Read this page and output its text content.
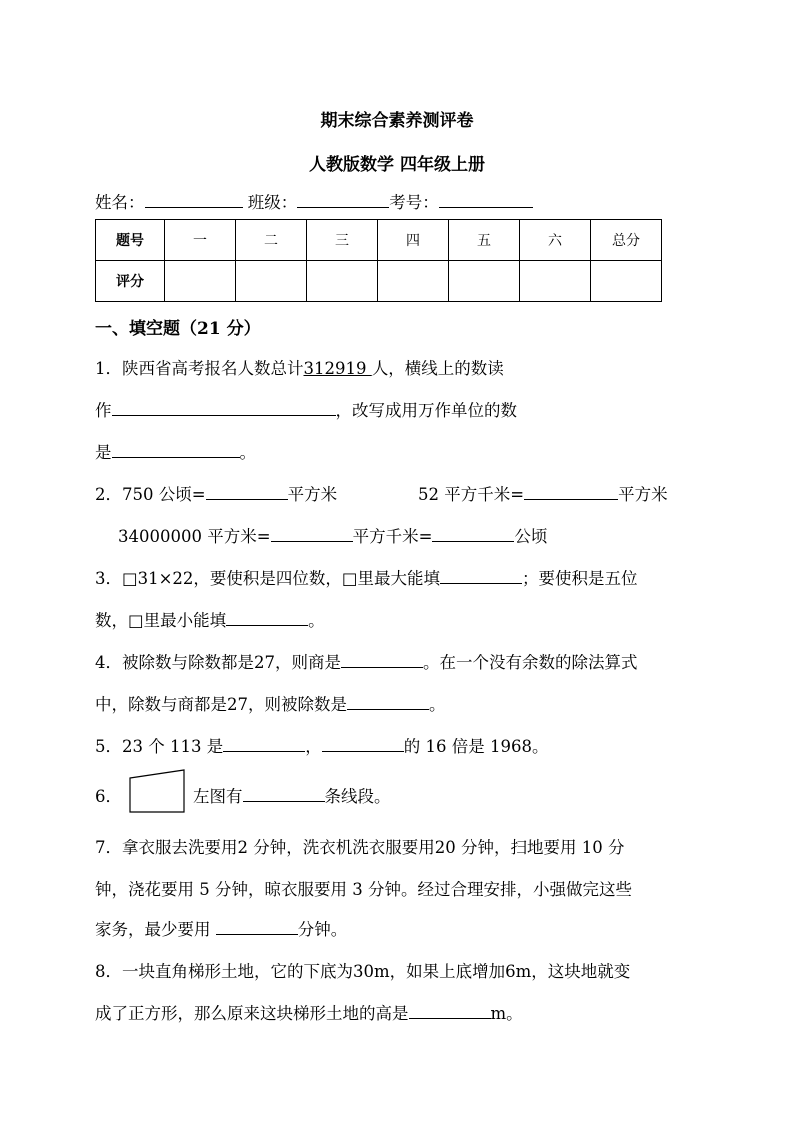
期末综合素养测评卷
人教版数学 四年级上册
姓名：	班级：	考号：
题号	一	二	三	四	五	六	总分
评分							
一、填空题（21 分）
1．陕西省高考报名人数总计312919 人，横线上的数读
作	，改写成用万作单位的数
是	。
2．750 公顷=	平方米	52 平方千米=	平方米
34000000 平方米=	平方千米=	公顷
3．□31×22，要使积是四位数，□里最大能填	；要使积是五位
数，□里最小能填	。
4．被除数与除数都是27，则商是	。在一个没有余数的除法算式
中，除数与商都是27，则被除数是	。
5．23 个 113 是	，	的 16 倍是 1968。
6．	左图有	条线段。
7．拿衣服去洗要用2 分钟，洗衣机洗衣服要用20 分钟，扫地要用 10 分
钟，浇花要用 5 分钟，晾衣服要用 3 分钟。经过合理安排，小强做完这些
家务，最少要用	分钟。
8．一块直角梯形土地，它的下底为30m，如果上底增加6m，这块地就变
成了正方形，那么原来这块梯形土地的高是	m。
